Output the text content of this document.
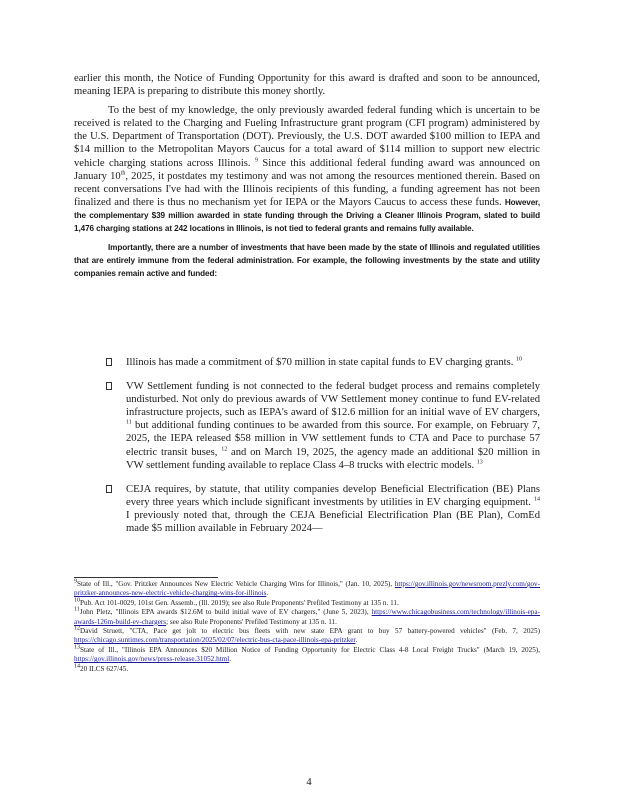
earlier this month, the Notice of Funding Opportunity for this award is drafted and soon to be announced, meaning IEPA is preparing to distribute this money shortly.

To the best of my knowledge, the only previously awarded federal funding which is uncertain to be received is related to the Charging and Fueling Infrastructure grant program (CFI program) administered by the U.S. Department of Transportation (DOT). Previously, the U.S. DOT awarded $100 million to IEPA and $14 million to the Metropolitan Mayors Caucus for a total award of $114 million to support new electric vehicle charging stations across Illinois. $^9$ Since this additional federal funding award was announced on January 10th, 2025, it postdates my testimony and was not among the resources mentioned therein. Based on recent conversations I've had with the Illinois recipients of this funding, a funding agreement has not been finalized and there is thus no mechanism yet for IEPA or the Mayors Caucus to access these funds. However, the complementary $39 million awarded in state funding through the Driving a Cleaner Illinois Program, slated to build 1,476 charging stations at 242 locations in Illinois, is not tied to federal grants and remains fully available.

Importantly, there are a number of investments that have been made by the state of Illinois and regulated utilities that are entirely immune from the federal administration. For example, the following investments by the state and utility companies remain active and funded:

Illinois has made a commitment of $70 million in state capital funds to EV charging grants. $^{10}$
VW Settlement funding is not connected to the federal budget process and remains completely undisturbed. Not only do previous awards of VW Settlement money continue to fund EV-related infrastructure projects, such as IEPA's award of $12.6 million for an initial wave of EV chargers, $^{11}$ but additional funding continues to be awarded from this source. For example, on February 7, 2025, the IEPA released $58 million in VW settlement funds to CTA and Pace to purchase 57 electric transit buses, $^{12}$ and on March 19, 2025, the agency made an additional $20 million in VW settlement funding available to replace Class 4–8 trucks with electric models. $^{13}$
CEJA requires, by statute, that utility companies develop Beneficial Electrification (BE) Plans every three years which include significant investments by utilities in EV charging equipment. $^{14}$ I previously noted that, through the CEJA Beneficial Electrification Plan (BE Plan), ComEd made $5 million available in February 2024—

$^9$State of Ill., "Gov. Pritzker Announces New Electric Vehicle Charging Wins for Illinois," (Jan. 10, 2025), https://gov.illinois.gov/newsroom.prezly.com/gov-pritzker-announces-new-electric-vehicle-charging-wins-for-illinois.

$^{10}$Pub. Act 101-0029, 101st Gen. Assemb., (Ill. 2019); see also Rule Proponents' Prefiled Testimony at 135 n. 11.

$^{11}$John Pletz, "Illinois EPA awards $12.6M to build initial wave of EV chargers," (June 5, 2023), https://www.chicagobusiness.com/technology/illinois-epa-awards-126m-build-ev-chargers; see also Rule Proponents' Prefiled Testimony at 135 n. 11.

$^{12}$David Struett, "CTA, Pace get jolt to electric bus fleets with new state EPA grant to buy 57 battery-powered vehicles" (Feb. 7, 2025) https://chicago.suntimes.com/transportation/2025/02/07/electric-bus-cta-pace-illinois-epa-pritzker.

$^{13}$State of Ill., "Illinois EPA Announces $20 Million Notice of Funding Opportunity for Electric Class 4-8 Local Freight Trucks" (March 19, 2025), https://gov.illinois.gov/news/press-release.31052.html.

$^{14}$20 ILCS 627/45.

4
